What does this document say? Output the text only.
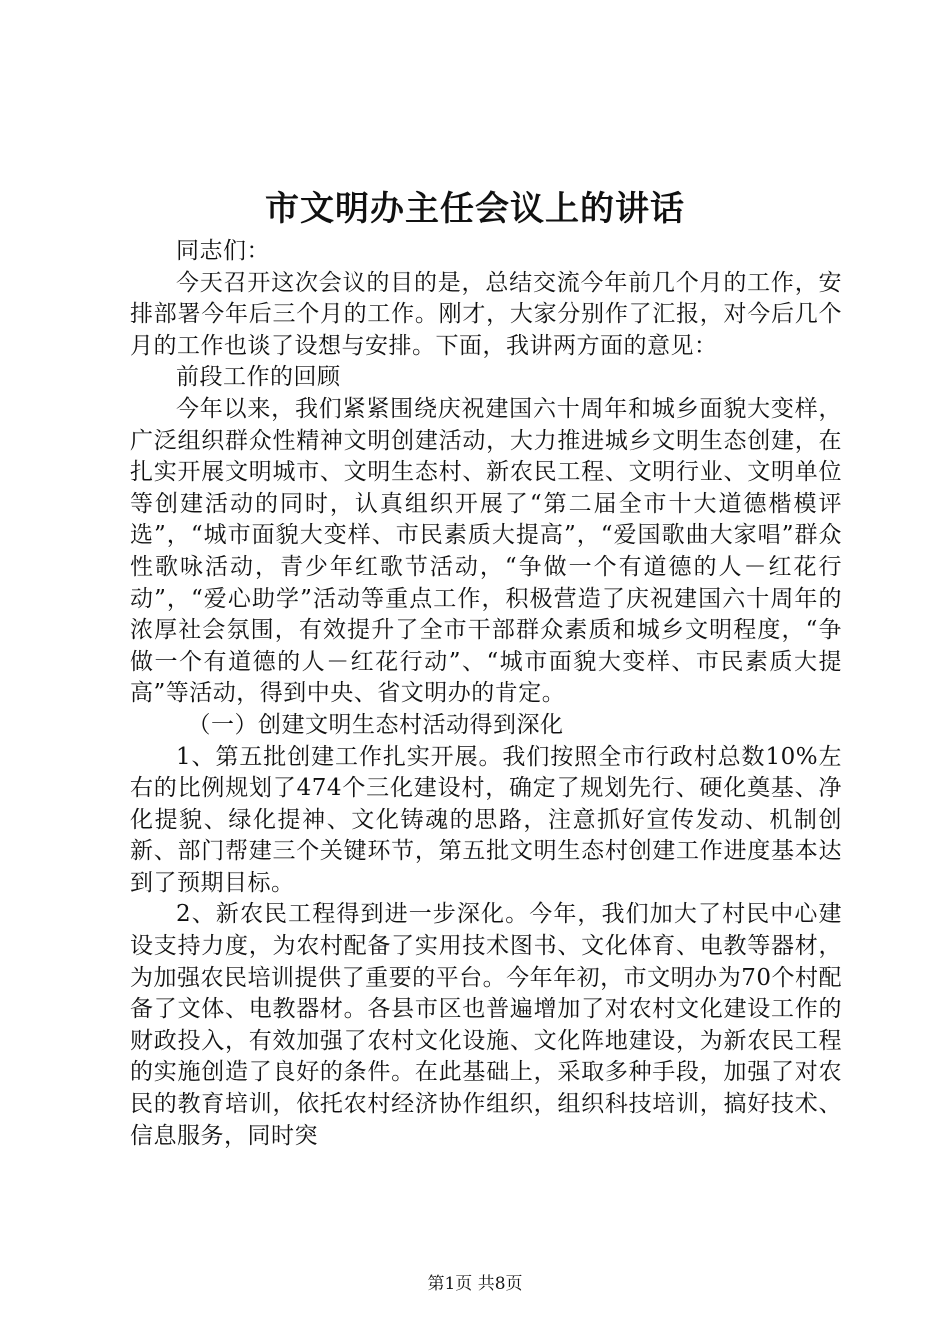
市文明办主任会议上的讲话

同志们：

今天召开这次会议的目的是，总结交流今年前几个月的工作，安排部署今年后三个月的工作。刚才，大家分别作了汇报，对今后几个月的工作也谈了设想与安排。下面，我讲两方面的意见：

前段工作的回顾

今年以来，我们紧紧围绕庆祝建国六十周年和城乡面貌大变样，广泛组织群众性精神文明创建活动，大力推进城乡文明生态创建，在扎实开展文明城市、文明生态村、新农民工程、文明行业、文明单位等创建活动的同时，认真组织开展了“第二届全市十大道德楷模评选”，“城市面貌大变样、市民素质大提高”，“爱国歌曲大家唱”群众性歌咏活动，青少年红歌节活动，“争做一个有道德的人－红花行动”，“爱心助学”活动等重点工作，积极营造了庆祝建国六十周年的浓厚社会氛围，有效提升了全市干部群众素质和城乡文明程度，“争做一个有道德的人－红花行动”、“城市面貌大变样、市民素质大提高”等活动，得到中央、省文明办的肯定。

（一）创建文明生态村活动得到深化

1、第五批创建工作扎实开展。我们按照全市行政村总数10%左右的比例规划了474个三化建设村，确定了规划先行、硬化奠基、净化提貌、绿化提神、文化铸魂的思路，注意抓好宣传发动、机制创新、部门帮建三个关键环节，第五批文明生态村创建工作进度基本达到了预期目标。

2、新农民工程得到进一步深化。今年，我们加大了村民中心建设支持力度，为农村配备了实用技术图书、文化体育、电教等器材，为加强农民培训提供了重要的平台。今年年初，市文明办为70个村配备了文体、电教器材。各县市区也普遍增加了对农村文化建设工作的财政投入，有效加强了农村文化设施、文化阵地建设，为新农民工程的实施创造了良好的条件。在此基础上，采取多种手段，加强了对农民的教育培训，依托农村经济协作组织，组织科技培训，搞好技术、信息服务，同时突

第1页 共8页
